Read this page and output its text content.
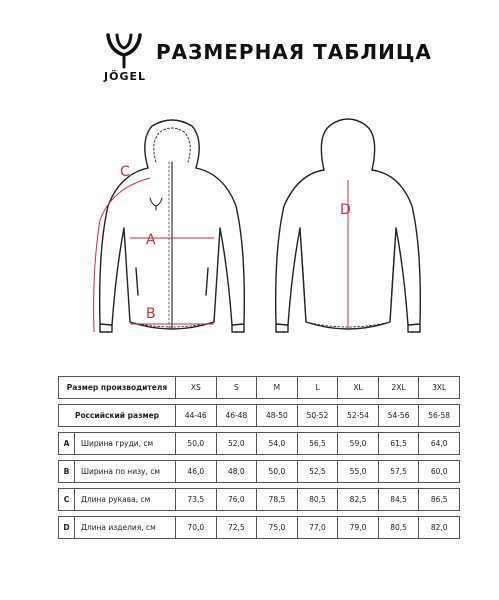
JÖGEL
РАЗМЕРНАЯ ТАБЛИЦА
A
B
C
D
Размер производителя		XS	S	M	L	XL	2XL	3XL

Российский размер		44-46	46-48	48-50	50-52	52-54	54-56	56-58

A	Ширина груди, см	50,0	52,0	54,0	56,5	59,0	61,5	64,0

B	Ширина по низу, см	46,0	48,0	50,0	52,5	55,0	57,5	60,0

C	Длина рукава, см	73,5	76,0	78,5	80,5	82,5	84,5	86,5

D	Длина изделия, см	70,0	72,5	75,0	77,0	79,0	80,5	82,0
